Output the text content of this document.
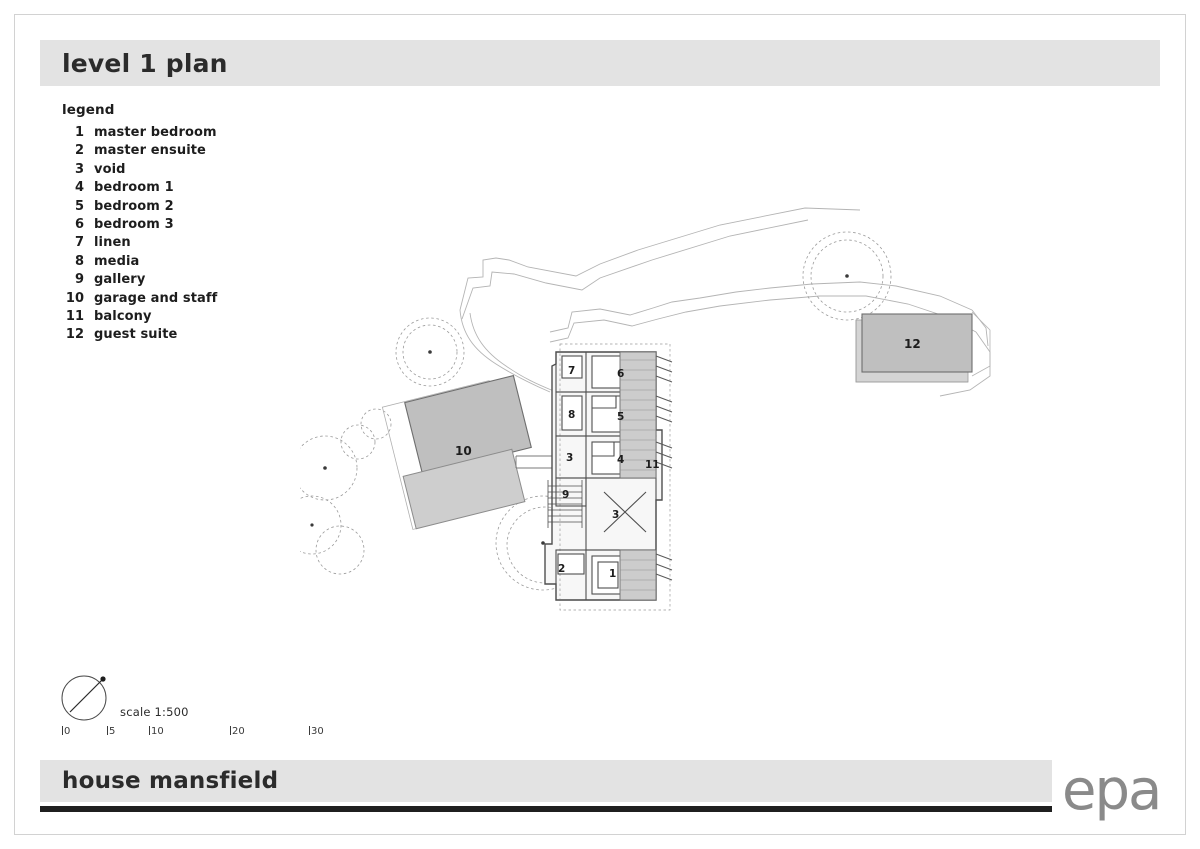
level 1 plan
legend
1 master bedroom
2 master ensuite
3 void
4 bedroom 1
5 bedroom 2
6 bedroom 3
7 linen
8 media
9 gallery
10 garage and staff
11 balcony
12 guest suite
12
10
6
7
5
8
4
3
9
3
1
2
11
scale 1:500
0	5	10	20	30
house mansfield	epa
